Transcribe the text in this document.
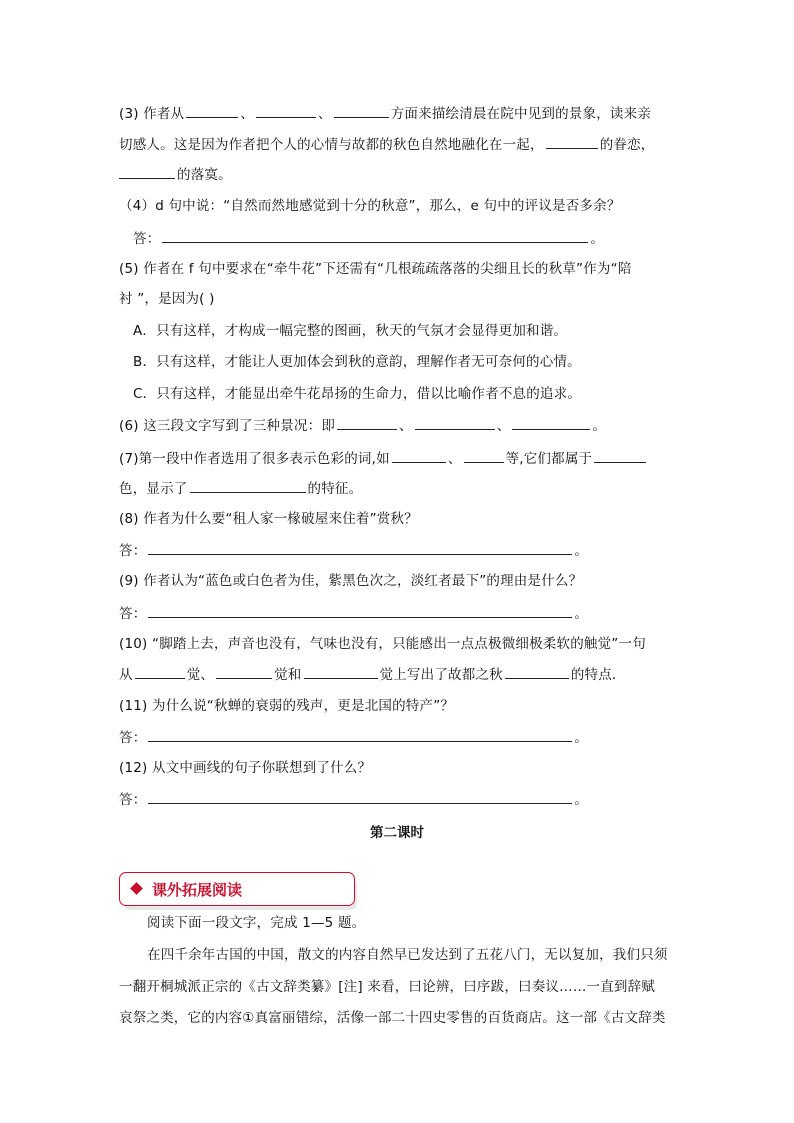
(3) 作者从	、	、	方面来描绘清晨在院中见到的景象，读来亲
切感人。这是因为作者把个人的心情与故都的秋色自然地融化在一起，	的眷恋，
的落寞。
（4）d 句中说：“自然而然地感觉到十分的秋意”，那么，e 句中的评议是否多余？
答：	。
(5) 作者在 f 句中要求在“牵牛花”下还需有“几根疏疏落落的尖细且长的秋草”作为“陪
衬 ”，是因为( )
A．只有这样，才构成一幅完整的图画，秋天的气氛才会显得更加和谐。
B．只有这样，才能让人更加体会到秋的意韵，理解作者无可奈何的心情。
C．只有这样，才能显出牵牛花昂扬的生命力，借以比喻作者不息的追求。
(6) 这三段文字写到了三种景况：即	、	、	。
(7)第一段中作者选用了很多表示色彩的词,如	、	等,它们都属于
色，显示了	的特征。
(8) 作者为什么要“租人家一椽破屋来住着”赏秋？
答：	。
(9) 作者认为“蓝色或白色者为佳，紫黑色次之，淡红者最下”的理由是什么？
答：	。
(10) “脚踏上去，声音也没有，气味也没有，只能感出一点点极微细极柔软的触觉”一句
从	觉、	觉和	觉上写出了故都之秋	的特点.
(11) 为什么说“秋蝉的衰弱的残声，更是北国的特产”？
答：	。
(12) 从文中画线的句子你联想到了什么？
答：	。
第二课时
课外拓展阅读
阅读下面一段文字，完成 1—5 题。
在四千余年古国的中国，散文的内容自然早已发达到了五花八门，无以复加，我们只须
一翻开桐城派正宗的《古文辞类纂》[注] 来看，曰论辨，曰序跋，曰奏议……一直到辞赋
哀祭之类，它的内容①真富丽错综，活像一部二十四史零售的百货商店。这一部《古文辞类
